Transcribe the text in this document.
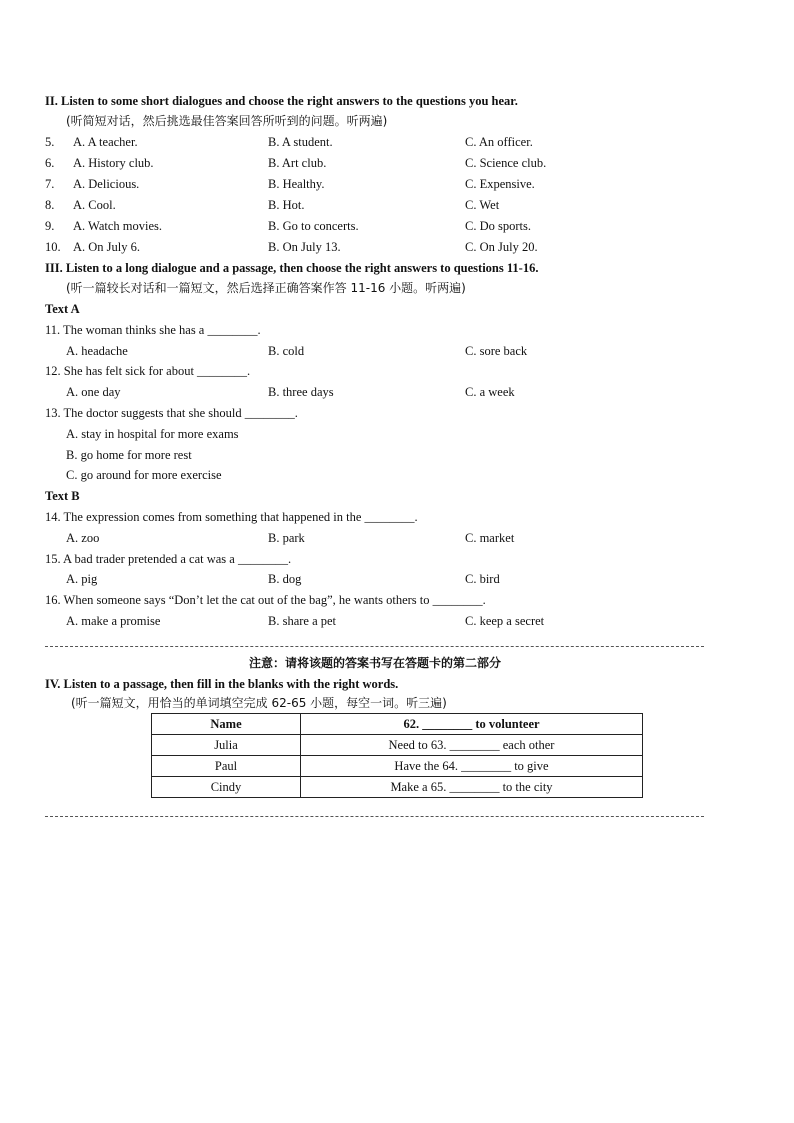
II. Listen to some short dialogues and choose the right answers to the questions you hear.
(听简短对话，然后挑选最佳答案回答所听到的问题。听两遍)
5. A. A teacher.	B. A student.	C. An officer.
6. A. History club.	B. Art club.	C. Science club.
7. A. Delicious.	B. Healthy.	C. Expensive.
8. A. Cool.	B. Hot.	C. Wet
9. A. Watch movies.	B. Go to concerts.	C. Do sports.
10. A. On July 6.	B. On July 13.	C. On July 20.
III. Listen to a long dialogue and a passage, then choose the right answers to questions 11-16.
(听一篇较长对话和一篇短文，然后选择正确答案作答 11-16 小题。听两遍)
Text A
11. The woman thinks she has a ________.
A. headache	B. cold	C. sore back
12. She has felt sick for about ________.
A. one day	B. three days	C. a week
13. The doctor suggests that she should ________.
A. stay in hospital for more exams
B. go home for more rest
C. go around for more exercise
Text B
14. The expression comes from something that happened in the ________.
A. zoo	B. park	C. market
15. A bad trader pretended a cat was a ________.
A. pig	B. dog	C. bird
16. When someone says “Don’t let the cat out of the bag”, he wants others to ________.
A. make a promise	B. share a pet	C. keep a secret
注意：请将该题的答案书写在答题卡的第二部分
IV. Listen to a passage, then fill in the blanks with the right words.
(听一篇短文，用恰当的单词填空完成 62-65 小题，每空一词。听三遍)
Name	62. ________ to volunteer
Julia	Need to 63. ________ each other
Paul	Have the 64. ________ to give
Cindy	Make a 65. ________ to the city
